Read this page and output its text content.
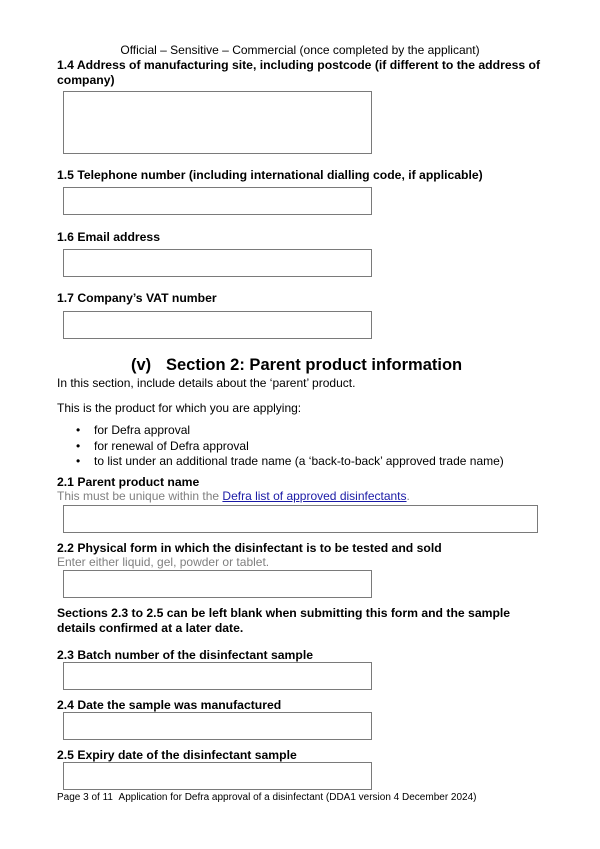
Official – Sensitive – Commercial (once completed by the applicant)
1.4 Address of manufacturing site, including postcode (if different to the address of company)
1.5 Telephone number (including international dialling code, if applicable)
1.6 Email address
1.7 Company’s VAT number
(v) Section 2: Parent product information
In this section, include details about the ‘parent’ product.
This is the product for which you are applying:
• for Defra approval
• for renewal of Defra approval
• to list under an additional trade name (a ‘back-to-back’ approved trade name)
2.1 Parent product name
This must be unique within the Defra list of approved disinfectants.
2.2 Physical form in which the disinfectant is to be tested and sold
Enter either liquid, gel, powder or tablet.
Sections 2.3 to 2.5 can be left blank when submitting this form and the sample details confirmed at a later date.
2.3 Batch number of the disinfectant sample
2.4 Date the sample was manufactured
2.5 Expiry date of the disinfectant sample
Page 3 of 11 Application for Defra approval of a disinfectant (DDA1 version 4 December 2024)
